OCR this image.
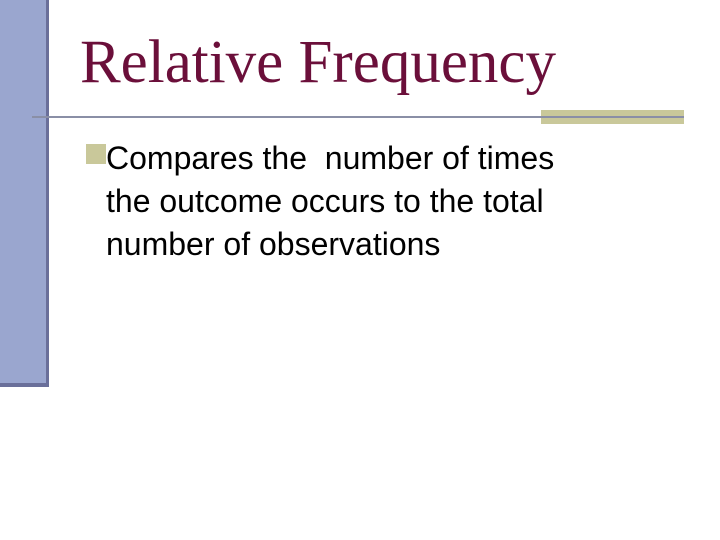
Relative Frequency

Compares the  number of times
the outcome occurs to the total
number of observations
